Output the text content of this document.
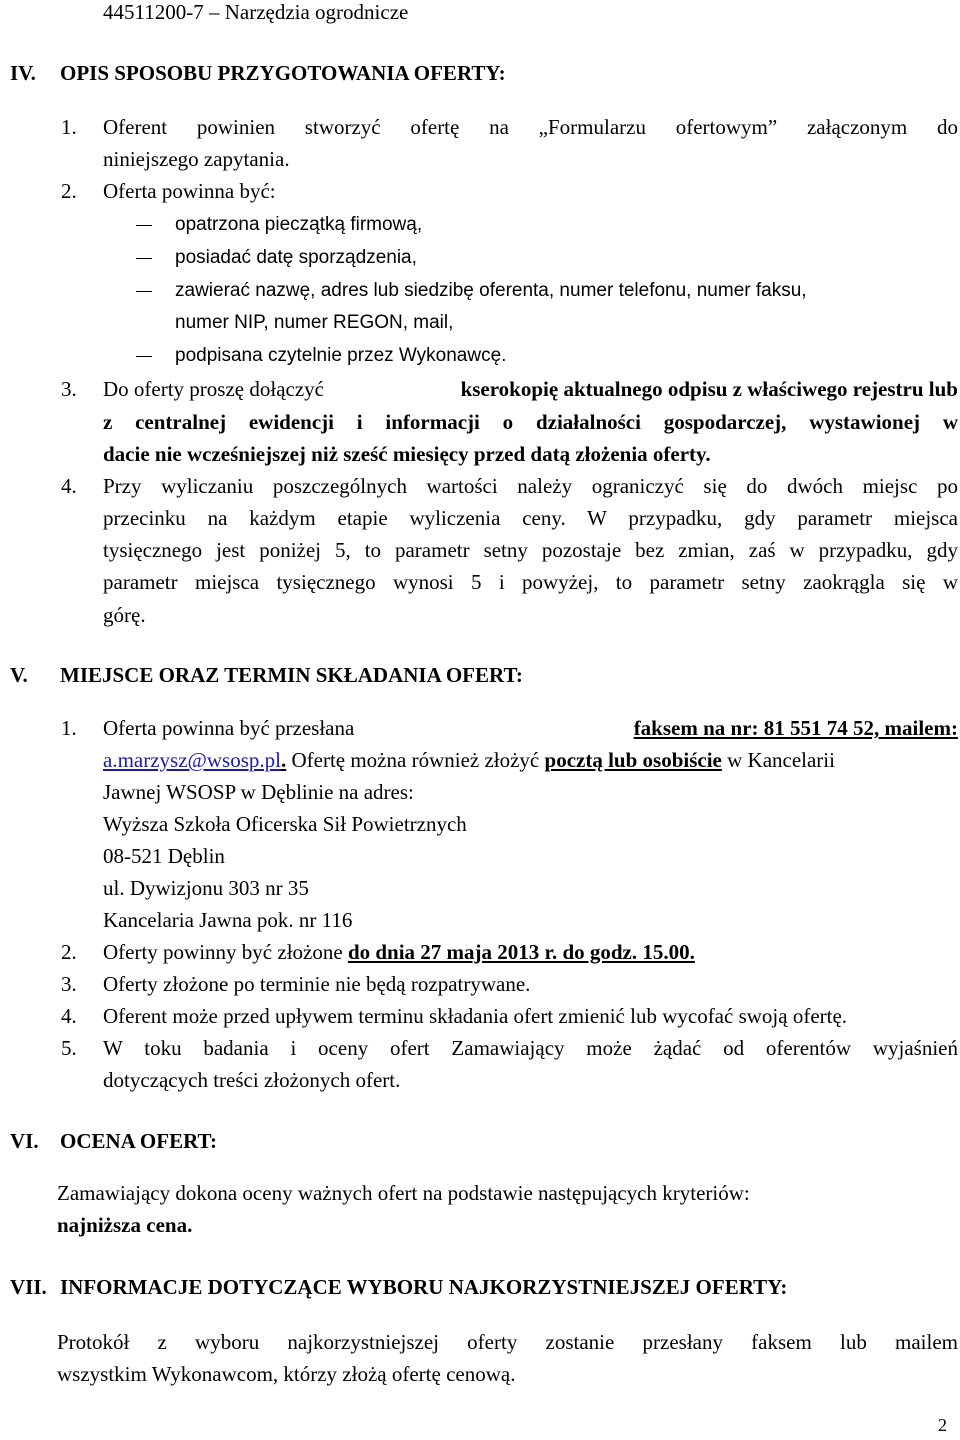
44511200-7 – Narzędzia ogrodnicze
IV. OPIS SPOSOBU PRZYGOTOWANIA OFERTY:
1. Oferent powinien stworzyć ofertę na „Formularzu ofertowym” załączonym do
niniejszego zapytania.
2. Oferta powinna być:
opatrzona pieczątką firmową,
posiadać datę sporządzenia,
zawierać nazwę, adres lub siedzibę oferenta, numer telefonu, numer faksu,
numer NIP, numer REGON, mail,
podpisana czytelnie przez Wykonawcę.
3. Do oferty proszę dołączyć	kserokopię aktualnego odpisu z właściwego rejestru lub
z centralnej ewidencji i informacji o działalności gospodarczej, wystawionej w
dacie nie wcześniejszej niż sześć miesięcy przed datą złożenia oferty.
4. Przy wyliczaniu poszczególnych wartości należy ograniczyć się do dwóch miejsc po
przecinku na każdym etapie wyliczenia ceny. W przypadku, gdy parametr miejsca
tysięcznego jest poniżej 5, to parametr setny pozostaje bez zmian, zaś w przypadku, gdy
parametr miejsca tysięcznego wynosi 5 i powyżej, to parametr setny zaokrągla się w
górę.
V. MIEJSCE ORAZ TERMIN SKŁADANIA OFERT:
1. Oferta powinna być przesłana	faksem na nr: 81 551 74 52, mailem:
a.marzysz@wsosp.pl. Ofertę można również złożyć pocztą lub osobiście w Kancelarii
Jawnej WSOSP w Dęblinie na adres:
Wyższa Szkoła Oficerska Sił Powietrznych
08-521 Dęblin
ul. Dywizjonu 303 nr 35
Kancelaria Jawna pok. nr 116
2. Oferty powinny być złożone do dnia 27 maja 2013 r. do godz. 15.00.
3. Oferty złożone po terminie nie będą rozpatrywane.
4. Oferent może przed upływem terminu składania ofert zmienić lub wycofać swoją ofertę.
5. W toku badania i oceny ofert Zamawiający może żądać od oferentów wyjaśnień
dotyczących treści złożonych ofert.
VI. OCENA OFERT:
Zamawiający dokona oceny ważnych ofert na podstawie następujących kryteriów:
najniższa cena.
VII. INFORMACJE DOTYCZĄCE WYBORU NAJKORZYSTNIEJSZEJ OFERTY:
Protokół z wyboru najkorzystniejszej oferty zostanie przesłany faksem lub mailem
wszystkim Wykonawcom, którzy złożą ofertę cenową.
2
